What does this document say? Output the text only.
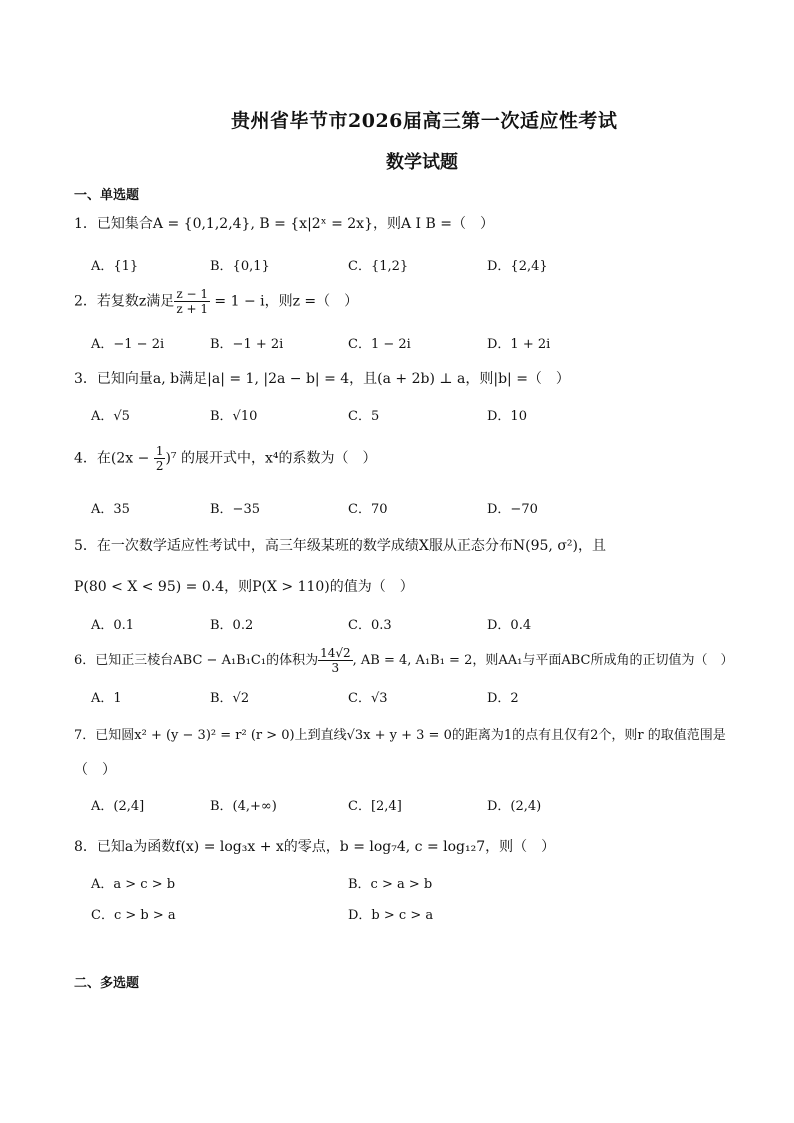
贵州省毕节市2026届高三第一次适应性考试
数学试题
一、单选题
1．已知集合A = {0,1,2,4}, B = {x|2ˣ = 2x}，则A I B =（　）
A．{1}	B．{0,1}	C．{1,2}	D．{2,4}
2．若复数z满足 $\frac{z - 1}{z + 1} = 1 - i$，则z =（　）
A．−1 − 2i	B．−1 + 2i	C．1 − 2i	D．1 + 2i
3．已知向量a, b满足|a| = 1, |2a − b| = 4，且(a + 2b) ⊥ a，则|b| =（　）
A．√5	B．√10	C．5	D．10
4．在$(2x - \frac{1}{2} )^7$ 的展开式中，x⁴的系数为（　）
A．35	B．−35	C．70	D．−70
5．在一次数学适应性考试中，高三年级某班的数学成绩X服从正态分布N(95, σ²)，且
P(80 < X < 95) = 0.4，则P(X > 110)的值为（　）
A．0.1	B．0.2	C．0.3	D．0.4
6．已知正三棱台ABC − A₁B₁C₁的体积为 $\frac{14√2}{3}$ , AB = 4, A₁B₁ = 2，则AA₁与平面ABC所成角的正切值为（　）
A．1	B．√2	C．√3	D．2
7．已知圆x² + (y − 3)² = r² (r > 0)上到直线√3x + y + 3 = 0的距离为1的点有且仅有2个，则r 的取值范围是
（　）
A．(2,4]	B．(4,+∞)	C．[2,4]	D．(2,4)
8．已知a为函数f(x) = log₃x + x的零点，b = log₇4, c = log₁₂7，则（　）
A．a > c > b	B．c > a > b
C．c > b > a	D．b > c > a
二、多选题
